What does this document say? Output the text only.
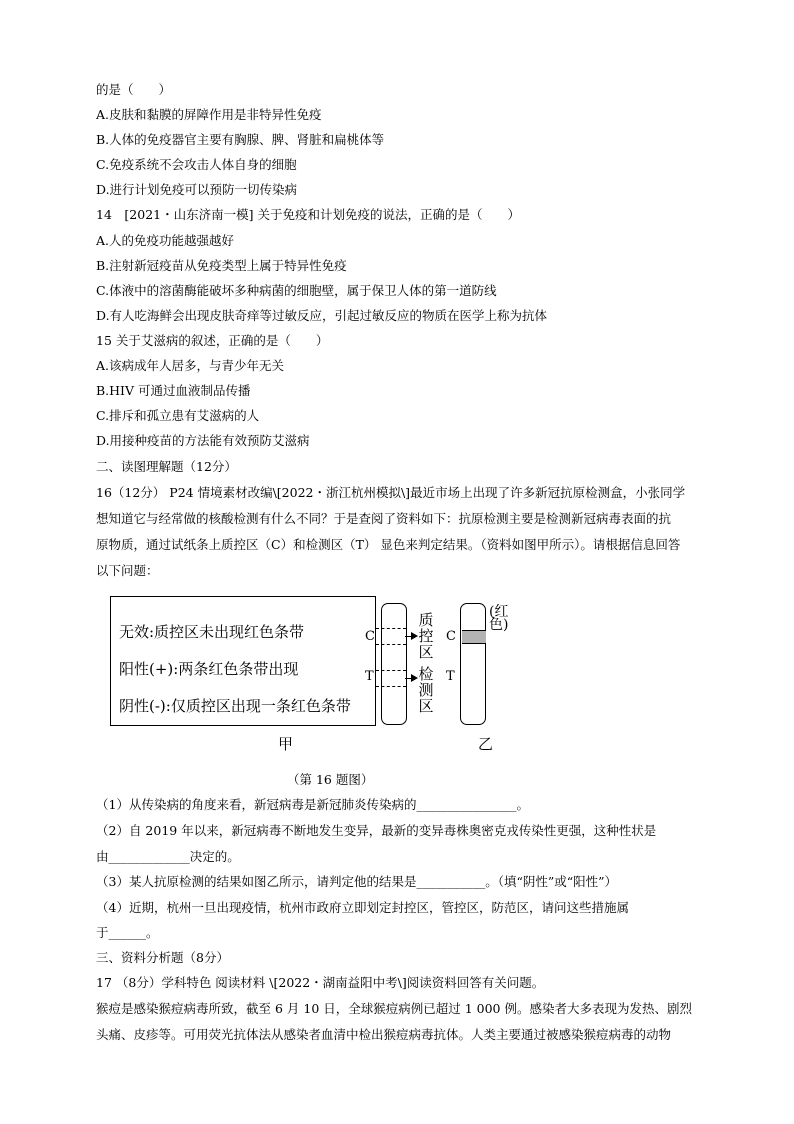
的是（　　）
A.皮肤和黏膜的屏障作用是非特异性免疫
B.人体的免疫器官主要有胸腺、脾、肾脏和扁桃体等
C.免疫系统不会攻击人体自身的细胞
D.进行计划免疫可以预防一切传染病
14　[2021・山东济南一模] 关于免疫和计划免疫的说法，正确的是（　　）
A.人的免疫功能越强越好
B.注射新冠疫苗从免疫类型上属于特异性免疫
C.体液中的溶菌酶能破坏多种病菌的细胞壁，属于保卫人体的第一道防线
D.有人吃海鲜会出现皮肤奇痒等过敏反应，引起过敏反应的物质在医学上称为抗体
15 关于艾滋病的叙述，正确的是（　　）
A.该病成年人居多，与青少年无关
B.HIV 可通过血液制品传播
C.排斥和孤立患有艾滋病的人
D.用接种疫苗的方法能有效预防艾滋病
二、读图理解题（12分）
16（12分） P24 情境素材改编\[2022・浙江杭州模拟\]最近市场上出现了许多新冠抗原检测盒，小张同学
想知道它与经常做的核酸检测有什么不同？于是查阅了资料如下：抗原检测主要是检测新冠病毒表面的抗
原物质，通过试纸条上质控区（C）和检测区（T） 显色来判定结果。（资料如图甲所示）。请根据信息回答
以下问题：
无效:质控区未出现红色条带
阳性(+):两条红色条带出现
阴性(-):仅质控区出现一条红色条带
C
T
质控区
检测区
C
T
(红色)
甲	乙
（第 16 题图）
（1）从传染病的角度来看，新冠病毒是新冠肺炎传染病的________________。
（2）自 2019 年以来，新冠病毒不断地发生变异，最新的变异毒株奥密克戎传染性更强，这种性状是
由_____________决定的。
（3）某人抗原检测的结果如图乙所示，请判定他的结果是___________。（填“阴性”或“阳性”）
（4）近期，杭州一旦出现疫情，杭州市政府立即划定封控区，管控区，防范区，请问这些措施属
于______。
三、资料分析题（8分）
17 （8分）学科特色 阅读材料 \[2022・湖南益阳中考\]阅读资料回答有关问题。
猴痘是感染猴痘病毒所致，截至 6 月 10 日，全球猴痘病例已超过 1 000 例。感染者大多表现为发热、剧烈
头痛、皮疹等。可用荧光抗体法从感染者血清中检出猴痘病毒抗体。人类主要通过被感染猴痘病毒的动物
